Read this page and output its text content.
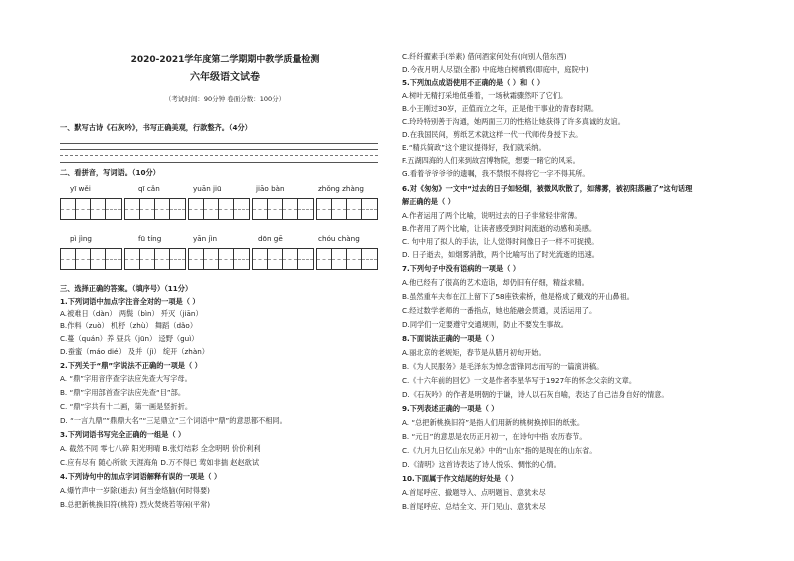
2020-2021学年度第二学期期中教学质量检测
六年级语文试卷
（考试时间：90分钟 卷面分数：100分）
一、默写古诗《石灰吟》，书写正确美观，行款整齐。（4分）
二、看拼音，写词语。（10分）
yī wěi	qī cǎn	yuān jiū	jiāo bàn	zhǒng zhàng
pì jìng	fū tíng	yān jìn	dōn gē	chóu chàng
三、选择正确的答案。（填序号）（11分）
1.下列词语中加点字注音全对的一项是（ ）
A.被难日（dàn） 两鬓（bìn） 歼灭（jiān）
B.作料（zuò） 机杼（zhù） 舞蹈（dǎo）
C.蔓（quán）养 昼兵（jūn） 迳野（guì）
D.蚕蜜（máo dié） 及并（jì） 绽开（zhàn）
2.下列关于“鼎”字说法不正确的一项是（ ）
A. “鼎”字用音序查字法应先查大写字母。
B. “鼎”字用部首查字法应先查“目”部。
C. “鼎”字共有十二画，第一画是竖折折。
D. “一言九鼎”“鼎鼎大名”“三足鼎立”三个词语中“鼎”的意思都不相同。
3.下列词语书写完全正确的一组是（ ）
A. 截然不同 零七八碎 阳光明晴 B.张灯结彩 全念明明 价价利利
C.应有尽有 随心所欲 天涯海角 D.万不得已 莺如非揣 赵赵欲试
4.下列诗句中的加点字词语解释有误的一项是（ ）
A.爆竹声中一岁除(逝去) 何当金络脑(何时得要)
B.总把新桃换旧符(桃符) 烈火焚烧若等闲(平常)
C.纤纤擢素手(举素) 借问酒家何处有(向别人借东西)
D.今夜月明人尽望(全都) 中庭地白树栖鸦(即庭中，庭院中)
5.下列加点成语使用不正确的是（ ）和（ ）
A.树叶无精打采地低垂着，一场秋霜骤然吓了它们。
B.小王刚过30岁，正值而立之年，正是他干事业的青春时期。
C.玲玲特别善于沟通，她两面三刀的性格让她获得了许多真诚的友谊。
D.在我国民间，剪纸艺术就这样一代一代师传身授下去。
E.“精兵简政”这个建议提得好，我们就采纳。
F.五湖四海的人们来到故宫博物院，想要一睹它的风采。
G.看着爷爷爷爷的遗嘱，我不禁恨不得将它一字不得其所。
6.对《匆匆》一文中“过去的日子如轻烟，被微风吹散了，如薄雾，被初阳蒸融了”这句话理
解正确的是（ ）
A.作者运用了两个比喻，说明过去的日子非常轻非常薄。
B.作者用了两个比喻，让读者感受到时间流逝的动感和美感。
C. 句中用了拟人的手法，让人觉得时间像日子一样不可捉摸。
D. 日子逝去，如烟雾消散，两个比喻写出了时光流逝的迅速。
7.下列句子中没有语病的一项是（ ）
A.他已经有了很高的艺术造诣，却仍旧有仔细，精益求精。
B.虽然重车夫布在江上留下了58座铁索桥，他是格成了戴戏的开山鼻祖。
C.经过数学老师的一番指点，她也能融会贯通，灵活运用了。
D.同学们一定要遵守交通规则，防止不要发生事故。
8.下面说法正确的一项是（ ）
A.丽北京的老规矩，春节是从腊月初旬开始。
B.《为人民服务》是毛泽东为悼念雷锋同志而写的一篇演讲稿。
C.《十六年前的回忆》一文是作者李星华写于1927年的怀念父亲的文章。
D.《石灰吟》的作者是明朝的于谦，诗人以石灰自喻，表达了自己洁身自好的情意。
9.下列表述正确的一项是（ ）
A. “总把新桃换旧符”是指人们用新的桃树换掉旧的纸张。
B. “元日”的意思是农历正月初一，在诗句中指 农历春节。
C.《九月九日忆山东兄弟》中的“山东”指的是现在的山东省。
D.《清明》这首诗表达了诗人悦乐、惆怅的心情。
10.下面属于作文结尾的好处是（ ）
A.首尾呼应、撤题导入、点明题旨、意犹未尽
B.首尾呼应、总结全文、开门见山、意犹未尽
